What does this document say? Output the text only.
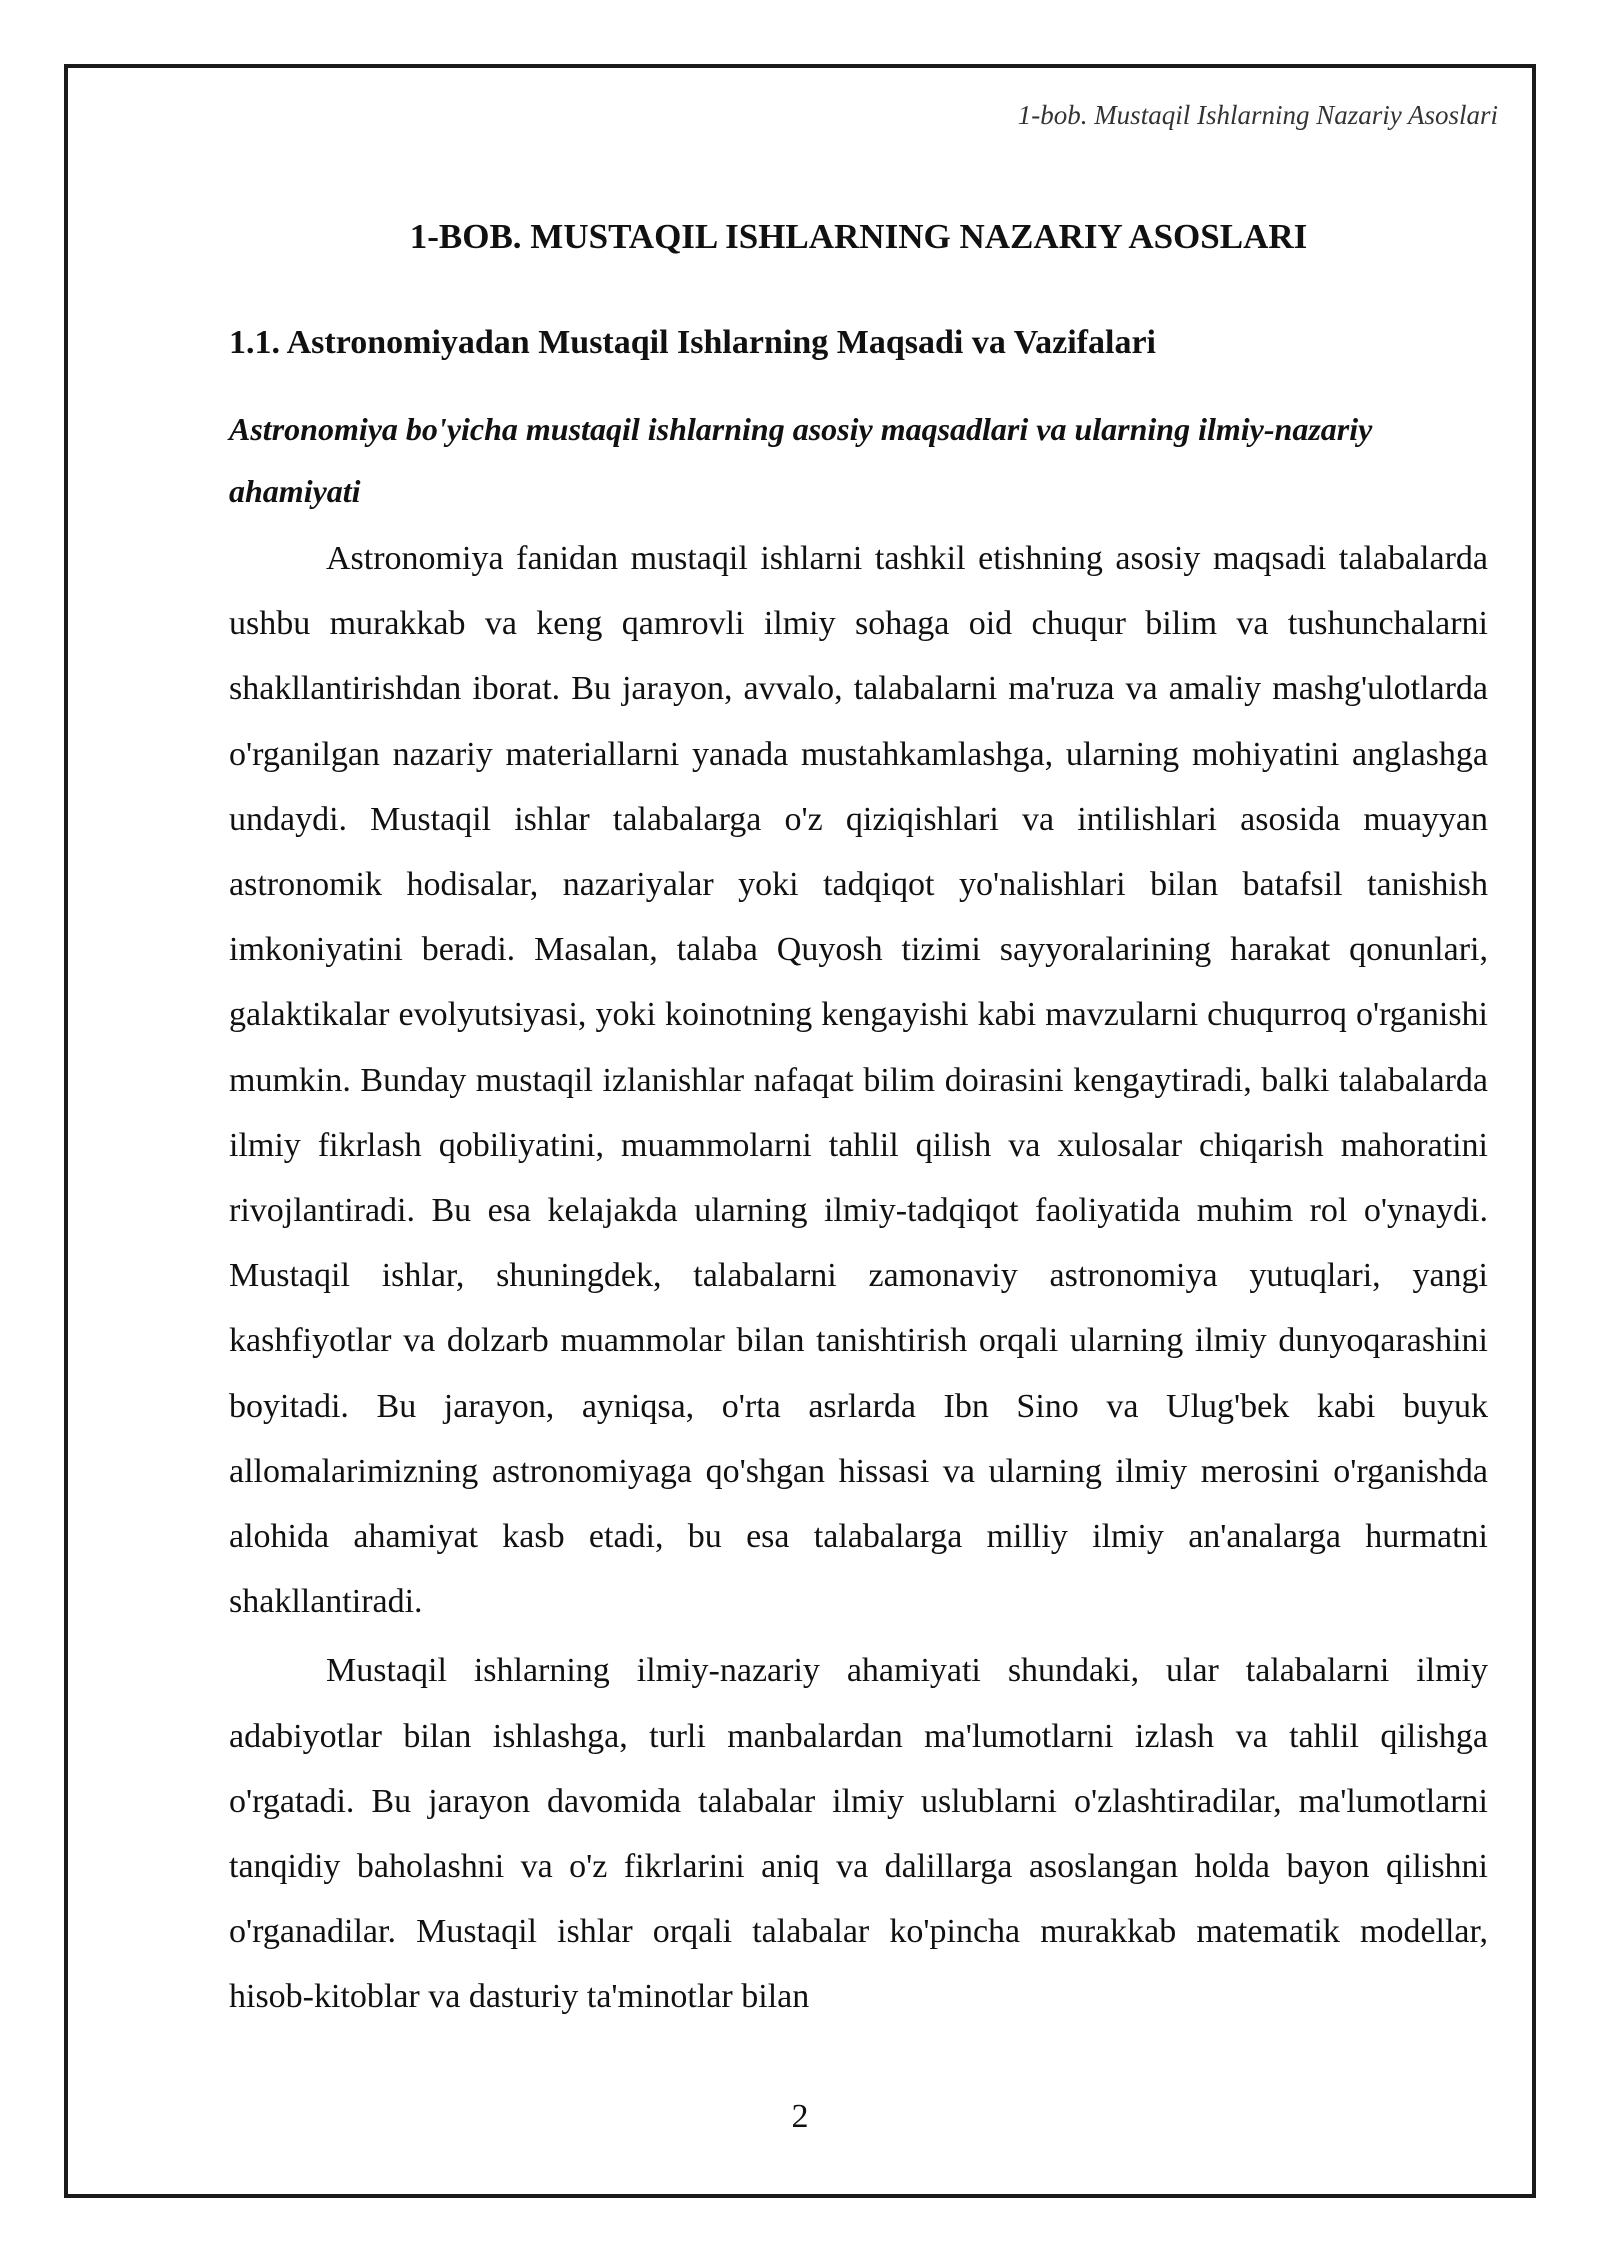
1-bob. Mustaqil Ishlarning Nazariy Asoslari
1-BOB. MUSTAQIL ISHLARNING NAZARIY ASOSLARI
1.1. Astronomiyadan Mustaqil Ishlarning Maqsadi va Vazifalari
Astronomiya bo'yicha mustaqil ishlarning asosiy maqsadlari va ularning ilmiy-nazariy ahamiyati

Astronomiya fanidan mustaqil ishlarni tashkil etishning asosiy maqsadi talabalarda ushbu murakkab va keng qamrovli ilmiy sohaga oid chuqur bilim va tushunchalarni shakllantirishdan iborat. Bu jarayon, avvalo, talabalarni ma'ruza va amaliy mashg'ulotlarda o'rganilgan nazariy materiallarni yanada mustahkamlashga, ularning mohiyatini anglashga undaydi. Mustaqil ishlar talabalarga o'z qiziqishlari va intilishlari asosida muayyan astronomik hodisalar, nazariyalar yoki tadqiqot yo'nalishlari bilan batafsil tanishish imkoniyatini beradi. Masalan, talaba Quyosh tizimi sayyoralarining harakat qonunlari, galaktikalar evolyutsiyasi, yoki koinotning kengayishi kabi mavzularni chuqurroq o'rganishi mumkin. Bunday mustaqil izlanishlar nafaqat bilim doirasini kengaytiradi, balki talabalarda ilmiy fikrlash qobiliyatini, muammolarni tahlil qilish va xulosalar chiqarish mahoratini rivojlantiradi. Bu esa kelajakda ularning ilmiy-tadqiqot faoliyatida muhim rol o'ynaydi. Mustaqil ishlar, shuningdek, talabalarni zamonaviy astronomiya yutuqlari, yangi kashfiyotlar va dolzarb muammolar bilan tanishtirish orqali ularning ilmiy dunyoqarashini boyitadi. Bu jarayon, ayniqsa, o'rta asrlarda Ibn Sino va Ulug'bek kabi buyuk allomalarimizning astronomiyaga qo'shgan hissasi va ularning ilmiy merosini o'rganishda alohida ahamiyat kasb etadi, bu esa talabalarga milliy ilmiy an'analarga hurmatni shakllantiradi.

Mustaqil ishlarning ilmiy-nazariy ahamiyati shundaki, ular talabalarni ilmiy adabiyotlar bilan ishlashga, turli manbalardan ma'lumotlarni izlash va tahlil qilishga o'rgatadi. Bu jarayon davomida talabalar ilmiy uslublarni o'zlashtiradilar, ma'lumotlarni tanqidiy baholashni va o'z fikrlarini aniq va dalillarga asoslangan holda bayon qilishni o'rganadilar. Mustaqil ishlar orqali talabalar ko'pincha murakkab matematik modellar, hisob-kitoblar va dasturiy ta'minotlar bilan

2
